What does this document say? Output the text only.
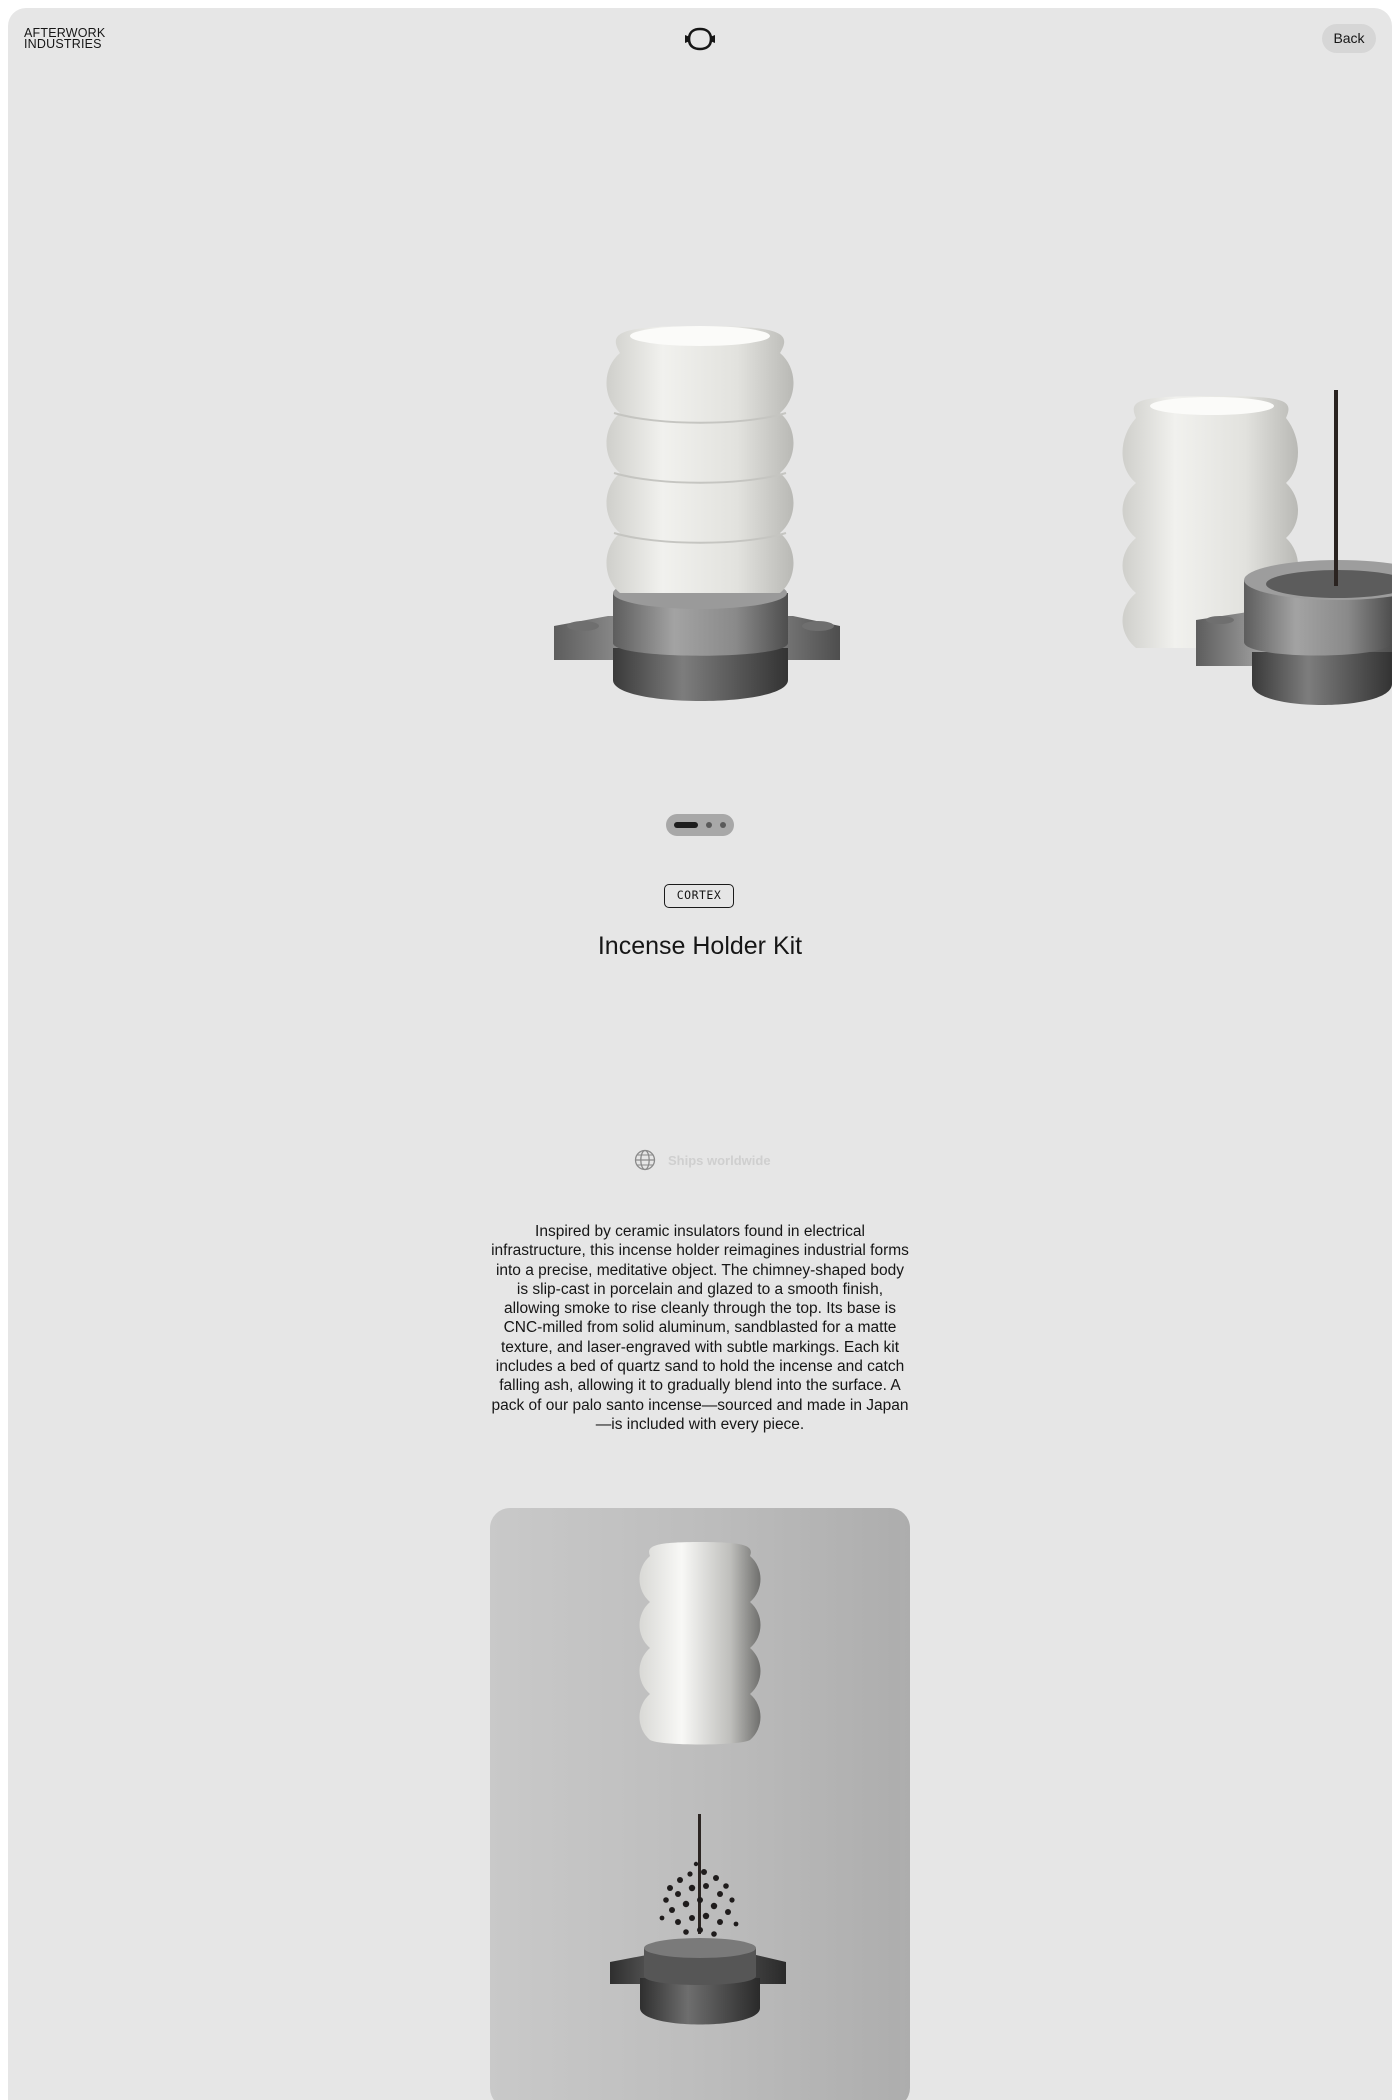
AFTERWORK
INDUSTRIES	Back
CORTEX
Incense Holder Kit
Ships worldwide

Inspired by ceramic insulators found in electrical infrastructure, this incense holder reimagines industrial forms into a precise, meditative object. The chimney-shaped body is slip-cast in porcelain and glazed to a smooth finish, allowing smoke to rise cleanly through the top. Its base is CNC-milled from solid aluminum, sandblasted for a matte texture, and laser-engraved with subtle markings. Each kit includes a bed of quartz sand to hold the incense and catch falling ash, allowing it to gradually blend into the surface. A pack of our palo santo incense—sourced and made in Japan—is included with every piece.
